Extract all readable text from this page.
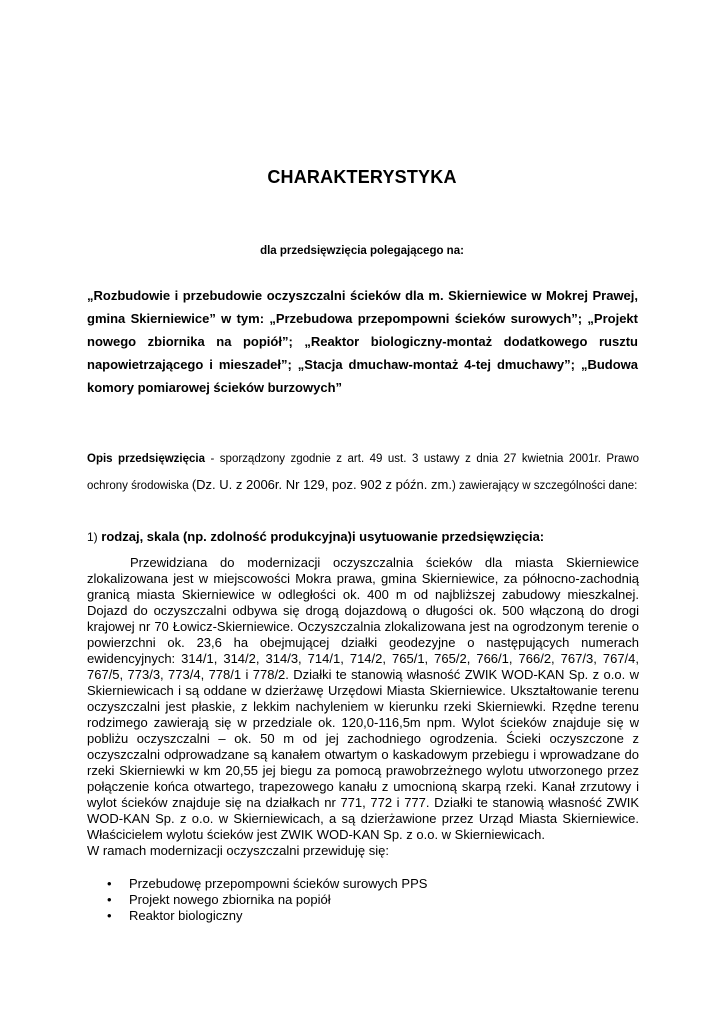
CHARAKTERYSTYKA
dla przedsięwzięcia polegającego na:
„Rozbudowie i przebudowie oczyszczalni ścieków dla m. Skierniewice w Mokrej Prawej, gmina Skierniewice” w tym: „Przebudowa przepompowni ścieków surowych”; „Projekt nowego zbiornika na popiół”; „Reaktor biologiczny-montaż dodatkowego rusztu napowietrzającego i mieszadeł”; „Stacja dmuchaw-montaż 4-tej dmuchawy”; „Budowa komory pomiarowej ścieków burzowych”
Opis przedsięwzięcia - sporządzony zgodnie z art. 49 ust. 3 ustawy z dnia 27 kwietnia 2001r. Prawo ochrony środowiska (Dz. U. z 2006r. Nr 129, poz. 902 z późn. zm.) zawierający w szczególności dane:
1) rodzaj, skala (np. zdolność produkcyjna)i usytuowanie przedsięwzięcia:

Przewidziana do modernizacji oczyszczalnia ścieków dla miasta Skierniewice zlokalizowana jest w miejscowości Mokra prawa, gmina Skierniewice, za północno-zachodnią granicą miasta Skierniewice w odległości ok. 400 m od najbliższej zabudowy mieszkalnej. Dojazd do oczyszczalni odbywa się drogą dojazdową o długości ok. 500 włączoną do drogi krajowej nr 70 Łowicz-Skierniewice. Oczyszczalnia zlokalizowana jest na ogrodzonym terenie o powierzchni ok. 23,6 ha obejmującej działki geodezyjne o następujących numerach ewidencyjnych: 314/1, 314/2, 314/3, 714/1, 714/2, 765/1, 765/2, 766/1, 766/2, 767/3, 767/4, 767/5, 773/3, 773/4, 778/1 i 778/2. Działki te stanowią własność ZWIK WOD-KAN Sp. z o.o. w Skierniewicach i są oddane w dzierżawę Urzędowi Miasta Skierniewice. Ukształtowanie terenu oczyszczalni jest płaskie, z lekkim nachyleniem w kierunku rzeki Skierniewki. Rzędne terenu rodzimego zawierają się w przedziale ok. 120,0-116,5m npm. Wylot ścieków znajduje się w pobliżu oczyszczalni – ok. 50 m od jej zachodniego ogrodzenia. Ścieki oczyszczone z oczyszczalni odprowadzane są kanałem otwartym o kaskadowym przebiegu i wprowadzane do rzeki Skierniewki w km 20,55 jej biegu za pomocą prawobrzeżnego wylotu utworzonego przez połączenie końca otwartego, trapezowego kanału z umocnioną skarpą rzeki. Kanał zrzutowy i wylot ścieków znajduje się na działkach nr 771, 772 i 777. Działki te stanowią własność ZWIK WOD-KAN Sp. z o.o. w Skierniewicach, a są dzierżawione przez Urząd Miasta Skierniewice. Właścicielem wylotu ścieków jest ZWIK WOD-KAN Sp. z o.o. w Skierniewicach.

W ramach modernizacji oczyszczalni przewiduję się:

• Przebudowę przepompowni ścieków surowych PPS
• Projekt nowego zbiornika na popiół
• Reaktor biologiczny
